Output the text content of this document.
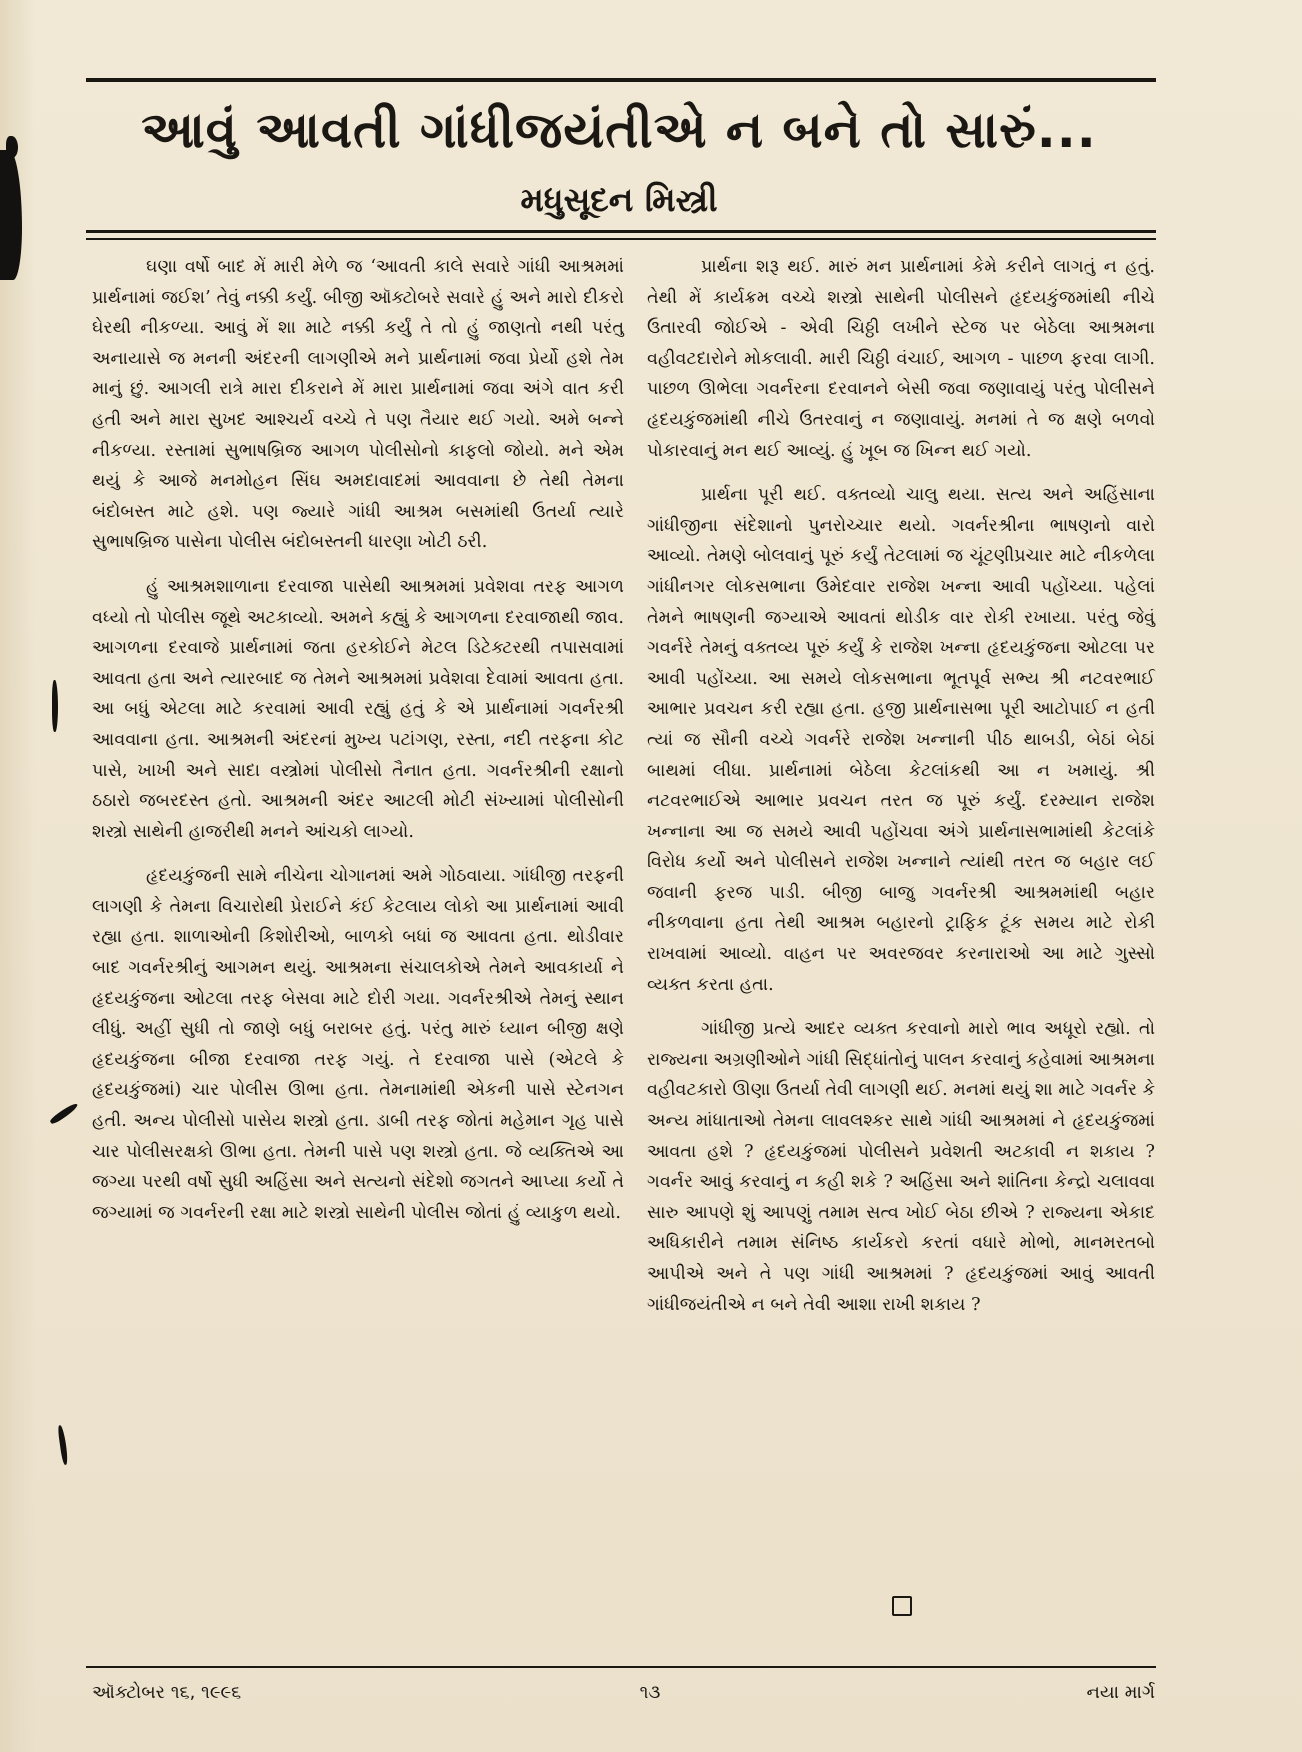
આવું આવતી ગાંધીજયંતીએ ન બને તો સારું...
મધુસૂદન મિસ્ત્રી

ઘણા વર્ષો બાદ મેં મારી મેળે જ ‘આવતી કાલે સવારે ગાંધી આશ્રમમાં પ્રાર્થનામાં જઈશ’ તેવું નક્કી કર્યું. બીજી ઑક્ટોબરે સવારે હું અને મારો દીકરો ઘેરથી નીકળ્યા. આવું મેં શા માટે નક્કી કર્યું તે તો હું જાણતો નથી પરંતુ અનાયાસે જ મનની અંદરની લાગણીએ મને પ્રાર્થનામાં જવા પ્રેર્યો હશે તેમ માનું છું. આગલી રાત્રે મારા દીકરાને મેં મારા પ્રાર્થનામાં જવા અંગે વાત કરી હતી અને મારા સુખદ આશ્ચર્ય વચ્ચે તે પણ તૈયાર થઈ ગયો. અમે બન્ને નીકળ્યા. રસ્તામાં સુભાષબ્રિજ આગળ પોલીસોનો કાફલો જોયો. મને એમ થયું કે આજે મનમોહન સિંઘ અમદાવાદમાં આવવાના છે તેથી તેમના બંદોબસ્ત માટે હશે. પણ જ્યારે ગાંધી આશ્રમ બસમાંથી ઉતર્યા ત્યારે સુભાષબ્રિજ પાસેના પોલીસ બંદોબસ્તની ધારણા ખોટી ઠરી.

હું આશ્રમશાળાના દરવાજા પાસેથી આશ્રમમાં પ્રવેશવા તરફ આગળ વધ્યો તો પોલીસ જૂથે અટકાવ્યો. અમને કહ્યું કે આગળના દરવાજાથી જાવ. આગળના દરવાજે પ્રાર્થનામાં જતા હરકોઈને મેટલ ડિટેક્ટરથી તપાસવામાં આવતા હતા અને ત્યારબાદ જ તેમને આશ્રમમાં પ્રવેશવા દેવામાં આવતા હતા. આ બધું એટલા માટે કરવામાં આવી રહ્યું હતું કે એ પ્રાર્થનામાં ગવર્નરશ્રી આવવાના હતા. આશ્રમની અંદરનાં મુખ્ય પટાંગણ, રસ્તા, નદી તરફના કોટ પાસે, ખાખી અને સાદા વસ્ત્રોમાં પોલીસો તૈનાત હતા. ગવર્નરશ્રીની રક્ષાનો ઠઠારો જબરદસ્ત હતો. આશ્રમની અંદર આટલી મોટી સંખ્યામાં પોલીસોની શસ્ત્રો સાથેની હાજરીથી મનને આંચકો લાગ્યો.

હૃદયકુંજની સામે નીચેના ચોગાનમાં અમે ગોઠવાયા. ગાંધીજી તરફની લાગણી કે તેમના વિચારોથી પ્રેરાઈને કંઈ કેટલાય લોકો આ પ્રાર્થનામાં આવી રહ્યા હતા. શાળાઓની કિશોરીઓ, બાળકો બધાં જ આવતા હતા. થોડીવાર બાદ ગવર્નરશ્રીનું આગમન થયું. આશ્રમના સંચાલકોએ તેમને આવકાર્યા ને હૃદયકુંજના ઓટલા તરફ બેસવા માટે દોરી ગયા. ગવર્નરશ્રીએ તેમનું સ્થાન લીધું. અહીં સુધી તો જાણે બધું બરાબર હતું. પરંતુ મારું ધ્યાન બીજી ક્ષણે હૃદયકુંજના બીજા દરવાજા તરફ ગયું. તે દરવાજા પાસે (એટલે કે હૃદયકુંજમાં) ચાર પોલીસ ઊભા હતા. તેમનામાંથી એકની પાસે સ્ટેનગન હતી. અન્ય પોલીસો પાસેય શસ્ત્રો હતા. ડાબી તરફ જોતાં મહેમાન ગૃહ પાસે ચાર પોલીસરક્ષકો ઊભા હતા. તેમની પાસે પણ શસ્ત્રો હતા. જે વ્યક્તિએ આ જગ્યા પરથી વર્ષો સુધી અહિંસા અને સત્યનો સંદેશો જગતને આપ્યા કર્યો તે જગ્યામાં જ ગવર્નરની રક્ષા માટે શસ્ત્રો સાથેની પોલીસ જોતાં હું વ્યાકુળ થયો.

પ્રાર્થના શરૂ થઈ. મારું મન પ્રાર્થનામાં કેમે કરીને લાગતું ન હતું. તેથી મેં કાર્યક્રમ વચ્ચે શસ્ત્રો સાથેની પોલીસને હૃદયકુંજમાંથી નીચે ઉતારવી જોઈએ - એવી ચિઠ્ઠી લખીને સ્ટેજ પર બેઠેલા આશ્રમના વહીવટદારોને મોકલાવી. મારી ચિઠ્ઠી વંચાઈ, આગળ - પાછળ ફરવા લાગી. પાછળ ઊભેલા ગવર્નરના દરવાનને બેસી જવા જણાવાયું પરંતુ પોલીસને હૃદયકુંજમાંથી નીચે ઉતરવાનું ન જણાવાયું. મનમાં તે જ ક્ષણે બળવો પોકારવાનું મન થઈ આવ્યું. હું ખૂબ જ ખિન્ન થઈ ગયો.

પ્રાર્થના પૂરી થઈ. વક્તવ્યો ચાલુ થયા. સત્ય અને અહિંસાના ગાંધીજીના સંદેશાનો પુનરોચ્ચાર થયો. ગવર્નરશ્રીના ભાષણનો વારો આવ્યો. તેમણે બોલવાનું પૂરું કર્યું તેટલામાં જ ચૂંટણીપ્રચાર માટે નીકળેલા ગાંધીનગર લોકસભાના ઉમેદવાર રાજેશ ખન્ના આવી પહોંચ્યા. પહેલાં તેમને ભાષણની જગ્યાએ આવતાં થોડીક વાર રોકી રખાયા. પરંતુ જેવું ગવર્નરે તેમનું વક્તવ્ય પૂરું કર્યું કે રાજેશ ખન્ના હૃદયકુંજના ઓટલા પર આવી પહોંચ્યા. આ સમયે લોકસભાના ભૂતપૂર્વ સભ્ય શ્રી નટવરભાઈ આભાર પ્રવચન કરી રહ્યા હતા. હજી પ્રાર્થનાસભા પૂરી આટોપાઈ ન હતી ત્યાં જ સૌની વચ્ચે ગવર્નરે રાજેશ ખન્નાની પીઠ થાબડી, બેઠાં બેઠાં બાથમાં લીધા. પ્રાર્થનામાં બેઠેલા કેટલાંકથી આ ન ખમાયું. શ્રી નટવરભાઈએ આભાર પ્રવચન તરત જ પૂરું કર્યું. દરમ્યાન રાજેશ ખન્નાના આ જ સમયે આવી પહોંચવા અંગે પ્રાર્થનાસભામાંથી કેટલાંકે વિરોધ કર્યો અને પોલીસને રાજેશ ખન્નાને ત્યાંથી તરત જ બહાર લઈ જવાની ફરજ પાડી. બીજી બાજુ ગવર્નરશ્રી આશ્રમમાંથી બહાર નીકળવાના હતા તેથી આશ્રમ બહારનો ટ્રાફિક ટૂંક સમય માટે રોકી રાખવામાં આવ્યો. વાહન પર અવરજવર કરનારાઓ આ માટે ગુસ્સો વ્યક્ત કરતા હતા.

ગાંધીજી પ્રત્યે આદર વ્યક્ત કરવાનો મારો ભાવ અધૂરો રહ્યો. તો રાજ્યના અગ્રણીઓને ગાંધી સિદ્ધાંતોનું પાલન કરવાનું કહેવામાં આશ્રમના વહીવટકારો ઊણા ઉતર્યા તેવી લાગણી થઈ. મનમાં થયું શા માટે ગવર્નર કે અન્ય માંધાતાઓ તેમના લાવલશ્કર સાથે ગાંધી આશ્રમમાં ને હૃદયકુંજમાં આવતા હશે ? હૃદયકુંજમાં પોલીસને પ્રવેશતી અટકાવી ન શકાય ? ગવર્નર આવું કરવાનું ન કહી શકે ? અહિંસા અને શાંતિના કેન્દ્રો ચલાવવા સારુ આપણે શું આપણું તમામ સત્વ ખોઈ બેઠા છીએ ? રાજ્યના એકાદ અધિકારીને તમામ સંનિષ્ઠ કાર્યકરો કરતાં વધારે મોભો, માનમરતબો આપીએ અને તે પણ ગાંધી આશ્રમમાં ? હૃદયકુંજમાં આવું આવતી ગાંધીજયંતીએ ન બને તેવી આશા રાખી શકાય ?

ઑક્ટોબર ૧૬, ૧૯૯૬	૧૩	નયા માર્ગ
